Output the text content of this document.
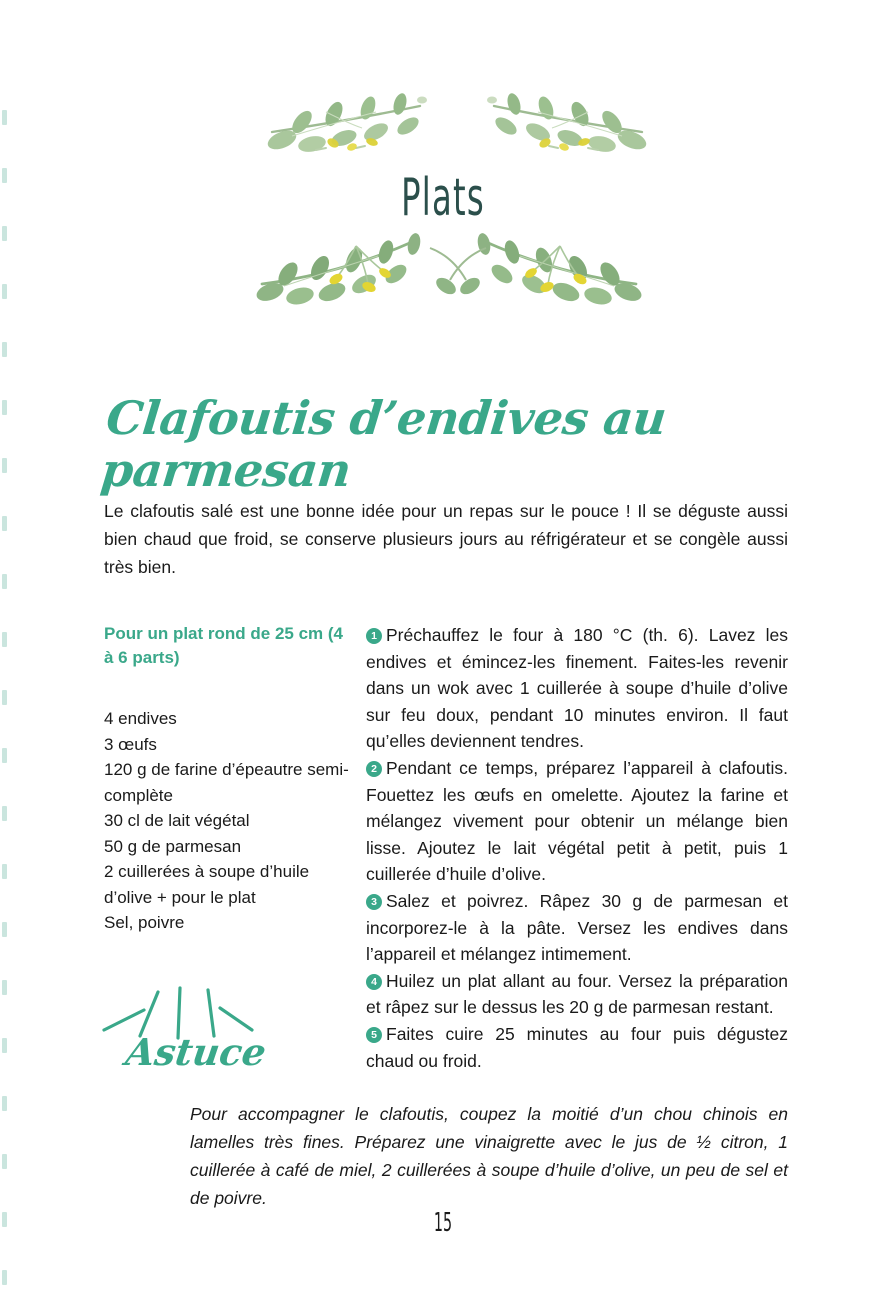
Plats
Clafoutis d’endives au parmesan
Le clafoutis salé est une bonne idée pour un repas sur le pouce ! Il se déguste aussi bien chaud que froid, se conserve plusieurs jours au réfrigérateur et se congèle aussi très bien.
Pour un plat rond de 25 cm (4 à 6 parts)
4 endives
3 œufs
120 g de farine d’épeautre semi-complète
30 cl de lait végétal
50 g de parmesan
2 cuillerées à soupe d’huile d’olive + pour le plat
Sel, poivre
Astuce

1 Préchauffez le four à 180 °C (th. 6). Lavez les endives et émincez-les finement. Faites-les revenir dans un wok avec 1 cuillerée à soupe d’huile d’olive sur feu doux, pendant 10 minutes environ. Il faut qu’elles deviennent tendres.

2 Pendant ce temps, préparez l’appareil à clafoutis. Fouettez les œufs en omelette. Ajoutez la farine et mélangez vivement pour obtenir un mélange bien lisse. Ajoutez le lait végétal petit à petit, puis 1 cuillerée d’huile d’olive.

3 Salez et poivrez. Râpez 30 g de parmesan et incorporez-le à la pâte. Versez les endives dans l’appareil et mélangez intimement.

4 Huilez un plat allant au four. Versez la préparation et râpez sur le dessus les 20 g de parmesan restant.

5 Faites cuire 25 minutes au four puis dégustez chaud ou froid.

Pour accompagner le clafoutis, coupez la moitié d’un chou chinois en lamelles très fines. Préparez une vinaigrette avec le jus de ½ citron, 1 cuillerée à café de miel, 2 cuillerées à soupe d’huile d’olive, un peu de sel et de poivre.
15
